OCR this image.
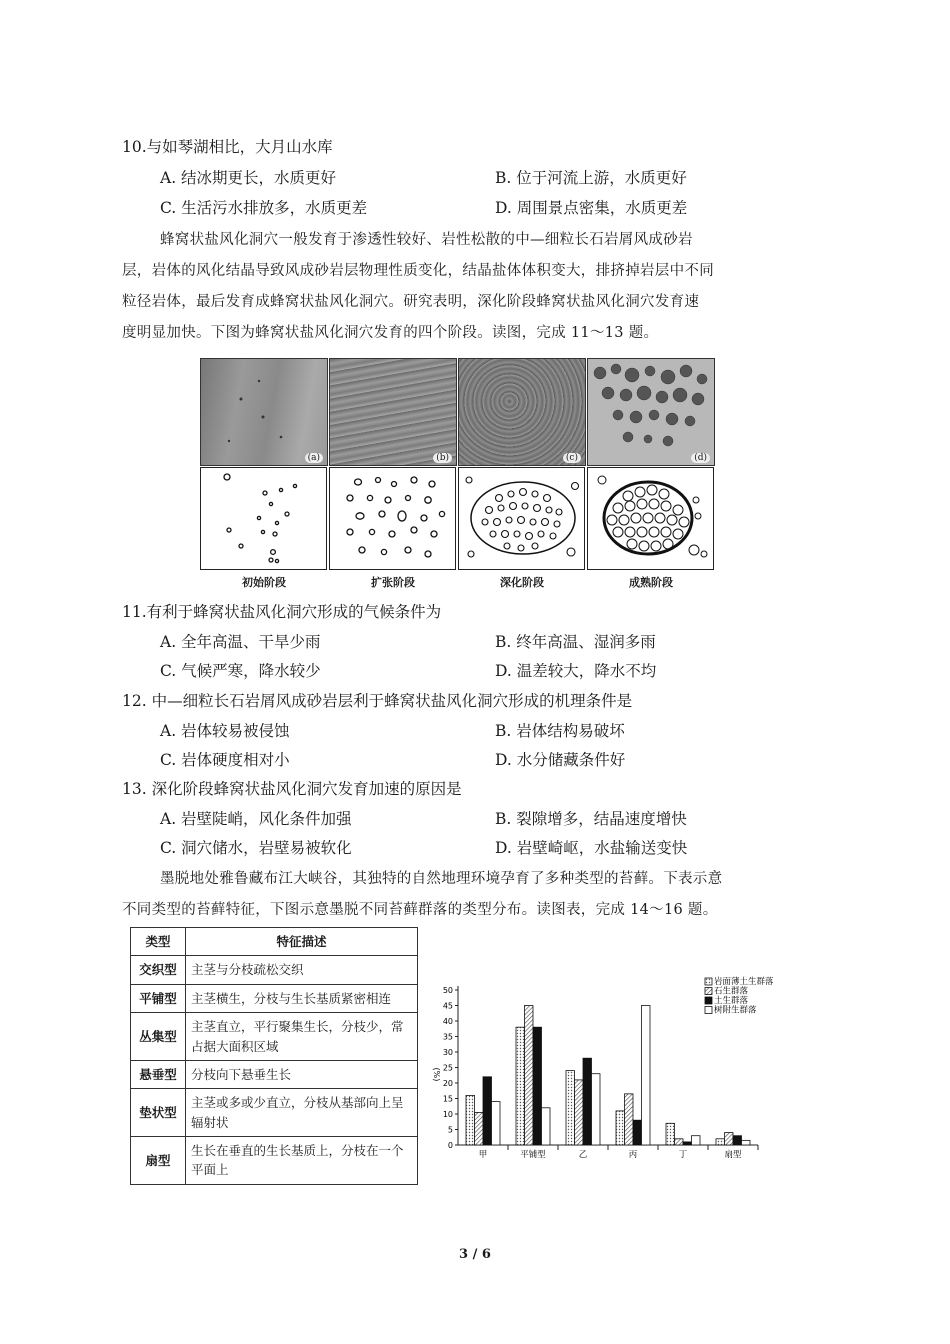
10.与如琴湖相比，大月山水库
A. 结冰期更长，水质更好	B. 位于河流上游，水质更好
C. 生活污水排放多，水质更差	D. 周围景点密集，水质更差
蜂窝状盐风化洞穴一般发育于渗透性较好、岩性松散的中—细粒长石岩屑风成砂岩
层，岩体的风化结晶导致风成砂岩层物理性质变化，结晶盐体体积变大，排挤掉岩层中不同
粒径岩体，最后发育成蜂窝状盐风化洞穴。研究表明，深化阶段蜂窝状盐风化洞穴发育速
度明显加快。下图为蜂窝状盐风化洞穴发育的四个阶段。读图，完成 11～13 题。
(a)	(b)	(c)	(d)
初始阶段	扩张阶段	深化阶段	成熟阶段
11.有利于蜂窝状盐风化洞穴形成的气候条件为
A. 全年高温、干旱少雨	B. 终年高温、湿润多雨
C. 气候严寒，降水较少	D. 温差较大，降水不均
12. 中—细粒长石岩屑风成砂岩层利于蜂窝状盐风化洞穴形成的机理条件是
A. 岩体较易被侵蚀	B. 岩体结构易破坏
C. 岩体硬度相对小	D. 水分储藏条件好
13. 深化阶段蜂窝状盐风化洞穴发育加速的原因是
A. 岩壁陡峭，风化条件加强	B. 裂隙增多，结晶速度增快
C. 洞穴储水，岩壁易被软化	D. 岩壁崎岖，水盐输送变快
墨脱地处雅鲁藏布江大峡谷，其独特的自然地理环境孕育了多种类型的苔藓。下表示意
不同类型的苔藓特征，下图示意墨脱不同苔藓群落的类型分布。读图表，完成 14～16 题。
类型	特征描述
交织型	主茎与分枝疏松交织
平铺型	主茎横生，分枝与生长基质紧密相连
丛集型	主茎直立，平行聚集生长，分枝少，常占据大面积区域
悬垂型	分枝向下悬垂生长
垫状型	主茎或多或少直立，分枝从基部向上呈辐射状
扇型	生长在垂直的生长基质上，分枝在一个平面上
0
5
10
15
20
25
30
35
40
45
50
(%)
甲	平铺型	乙	丙	丁	扇型
岩面薄土生群落
石生群落
土生群落
树附生群落
3 / 6
